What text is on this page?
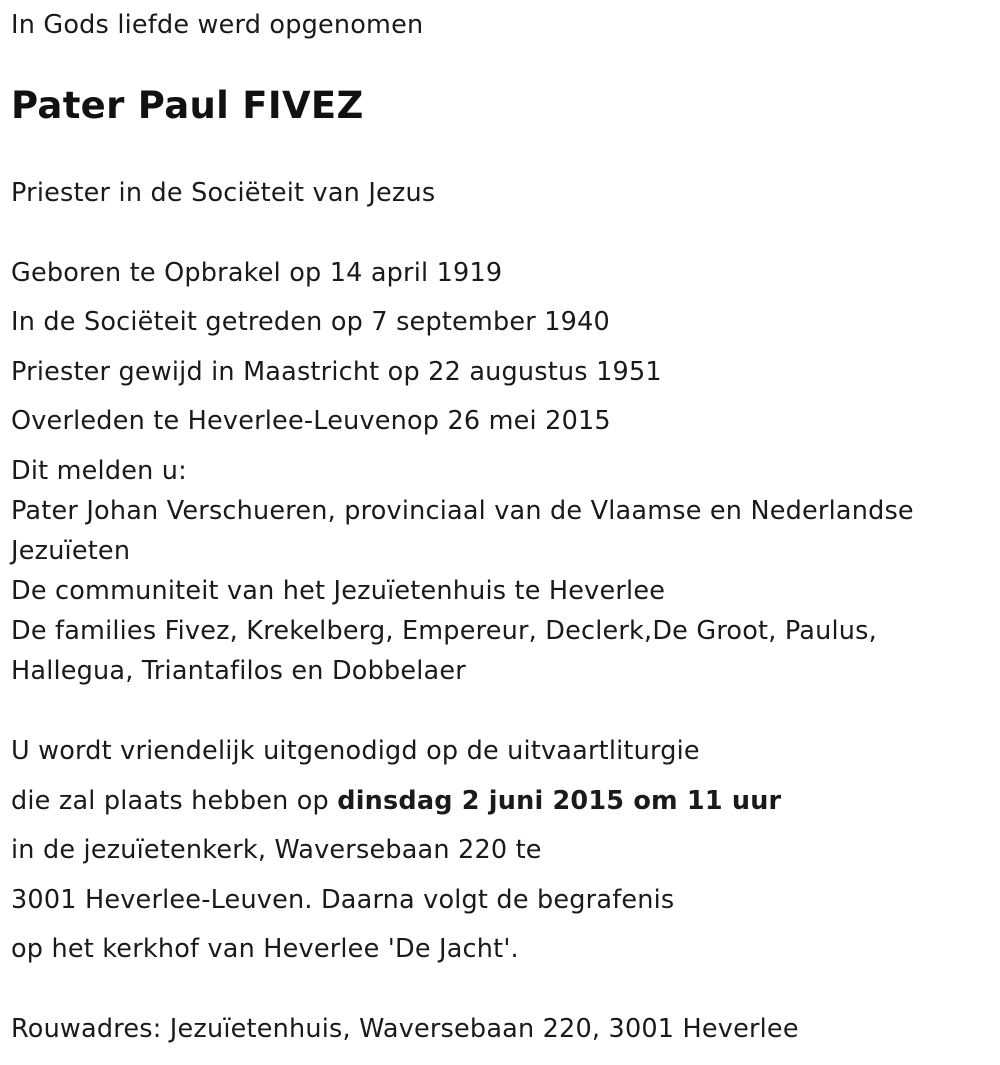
In Gods liefde werd opgenomen
Pater Paul FIVEZ
Priester in de Sociëteit van Jezus
Geboren te Opbrakel op 14 april 1919
In de Sociëteit getreden op 7 september 1940
Priester gewijd in Maastricht op 22 augustus 1951
Overleden te Heverlee-Leuvenop 26 mei 2015
Dit melden u:
Pater Johan Verschueren, provinciaal van de Vlaamse en Nederlandse Jezuïeten
De communiteit van het Jezuïetenhuis te Heverlee
De families Fivez, Krekelberg, Empereur, Declerk,De Groot, Paulus, Hallegua, Triantafilos en Dobbelaer
U wordt vriendelijk uitgenodigd op de uitvaartliturgie
die zal plaats hebben op dinsdag 2 juni 2015 om 11 uur
in de jezuïetenkerk, Waversebaan 220 te
3001 Heverlee-Leuven. Daarna volgt de begrafenis
op het kerkhof van Heverlee 'De Jacht'.
Rouwadres: Jezuïetenhuis, Waversebaan 220, 3001 Heverlee
